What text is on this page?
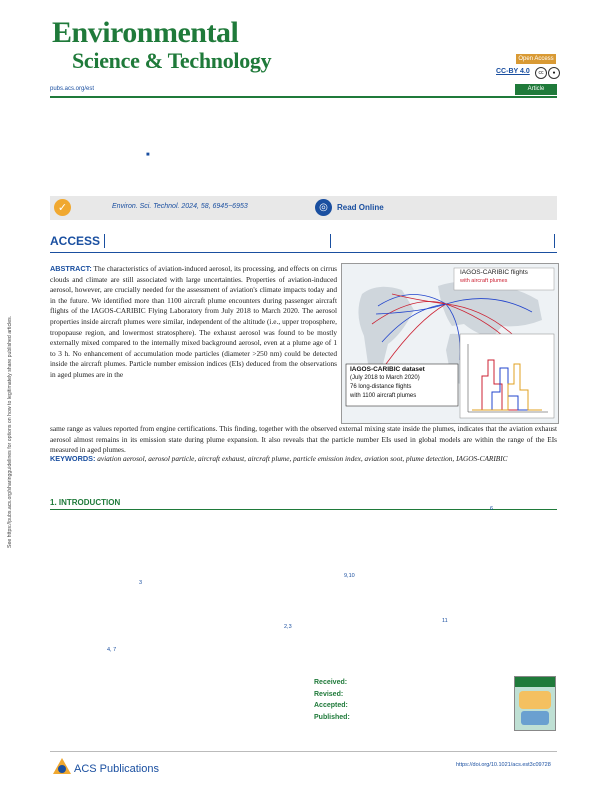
Environmental
Science & Technology	Open Access
CC-BY 4.0	cc	●
pubs.acs.org/est	Article
■
✓	Environ. Sci. Technol. 2024, 58, 6945−6953	◎	Read Online
ACCESS
See https://pubs.acs.org/sharingguidelines for options on how to legitimately share published articles.
ABSTRACT: The characteristics of aviation-induced aerosol, its processing, and effects on cirrus clouds and climate are still associated with large uncertainties. Properties of aviation-induced aerosol, however, are crucially needed for the assessment of aviation's climate impacts today and in the future. We identified more than 1100 aircraft plume encounters during passenger aircraft flights of the IAGOS-CARIBIC Flying Laboratory from July 2018 to March 2020. The aerosol properties inside aircraft plumes were similar, independent of the altitude (i.e., upper troposphere, tropopause region, and lowermost stratosphere). The exhaust aerosol was found to be mostly externally mixed compared to the internally mixed background aerosol, even at a plume age of 1 to 3 h. No enhancement of accumulation mode particles (diameter >250 nm) could be detected inside the aircraft plumes. Particle number emission indices (EIs) deduced from the observations in aged plumes are in the
IAGOS-CARIBIC flights
with aircraft plumes
IAGOS-CARIBIC dataset
(July 2018 to March 2020)
76 long-distance flights
with 1100 aircraft plumes
same range as values reported from engine certifications. This finding, together with the observed external mixing state inside the plumes, indicates that the aviation exhaust aerosol almost remains in its emission state during plume expansion. It also reveals that the particle number EIs used in global models are within the range of the EIs measured in aged plumes.
KEYWORDS: aviation aerosol, aerosol particle, aircraft exhaust, aircraft plume, particle emission index, aviation soot, plume detection, IAGOS-CARIBIC
1. INTRODUCTION
6
3
9,10
2,3
11
4, 7
Received:
Revised:
Accepted:
Published:
ACS Publications	https://doi.org/10.1021/acs.est3c09728
